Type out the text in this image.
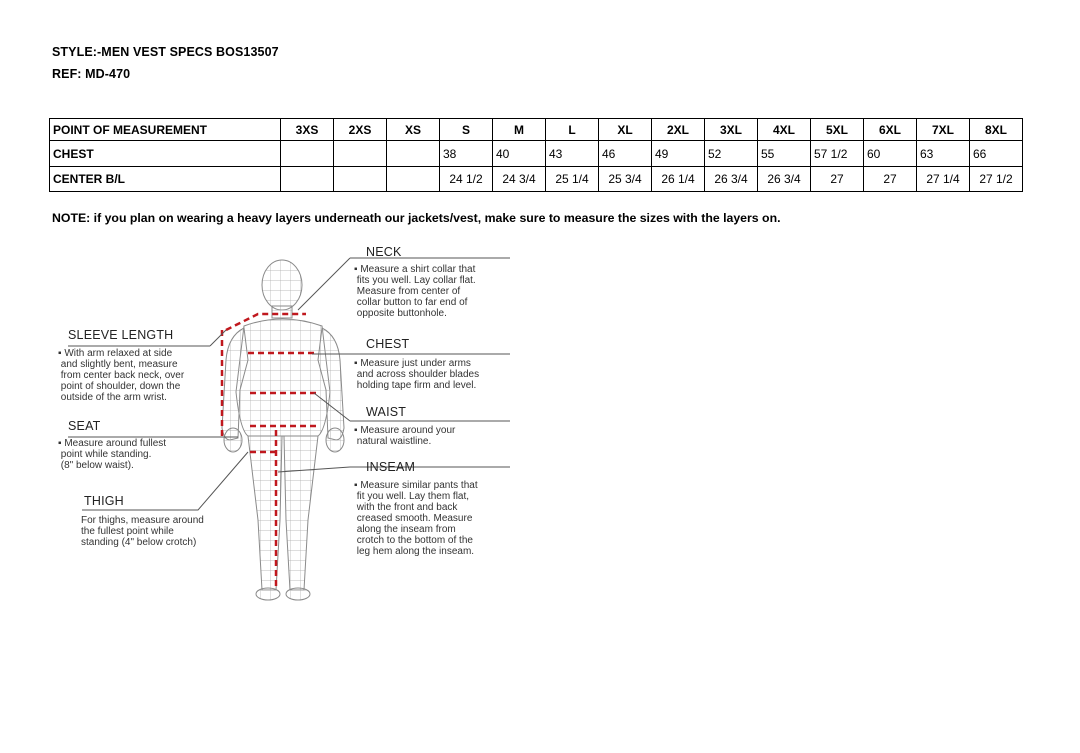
STYLE:-MEN VEST SPECS BOS13507
REF: MD-470
POINT OF MEASUREMENT	3XS	2XS	XS	S	M	L	XL	2XL	3XL	4XL	5XL	6XL	7XL	8XL
CHEST				38	40	43	46	49	52	55	57 1/2	60	63	66
CENTER B/L				24 1/2	24 3/4	25 1/4	25 3/4	26 1/4	26 3/4	26 3/4	27	27	27 1/4	27 1/2
NOTE: if you plan on wearing a heavy layers underneath our jackets/vest, make sure to measure the sizes with the layers on.
NECK
▪ Measure a shirt collar that
fits you well. Lay collar flat.
Measure from center of
collar button to far end of
opposite buttonhole.
CHEST
▪ Measure just under arms
and across shoulder blades
holding tape firm and level.
WAIST
▪ Measure around your
natural waistline.
INSEAM
▪ Measure similar pants that
fit you well. Lay them flat,
with the front and back
creased smooth. Measure
along the inseam from
crotch to the bottom of the
leg hem along the inseam.
SLEEVE LENGTH
▪ With arm relaxed at side
and slightly bent, measure
from center back neck, over
point of shoulder, down the
outside of the arm wrist.
SEAT
▪ Measure around fullest
point while standing.
(8" below waist).
THIGH
For thighs, measure around
the fullest point while
standing (4" below crotch)
